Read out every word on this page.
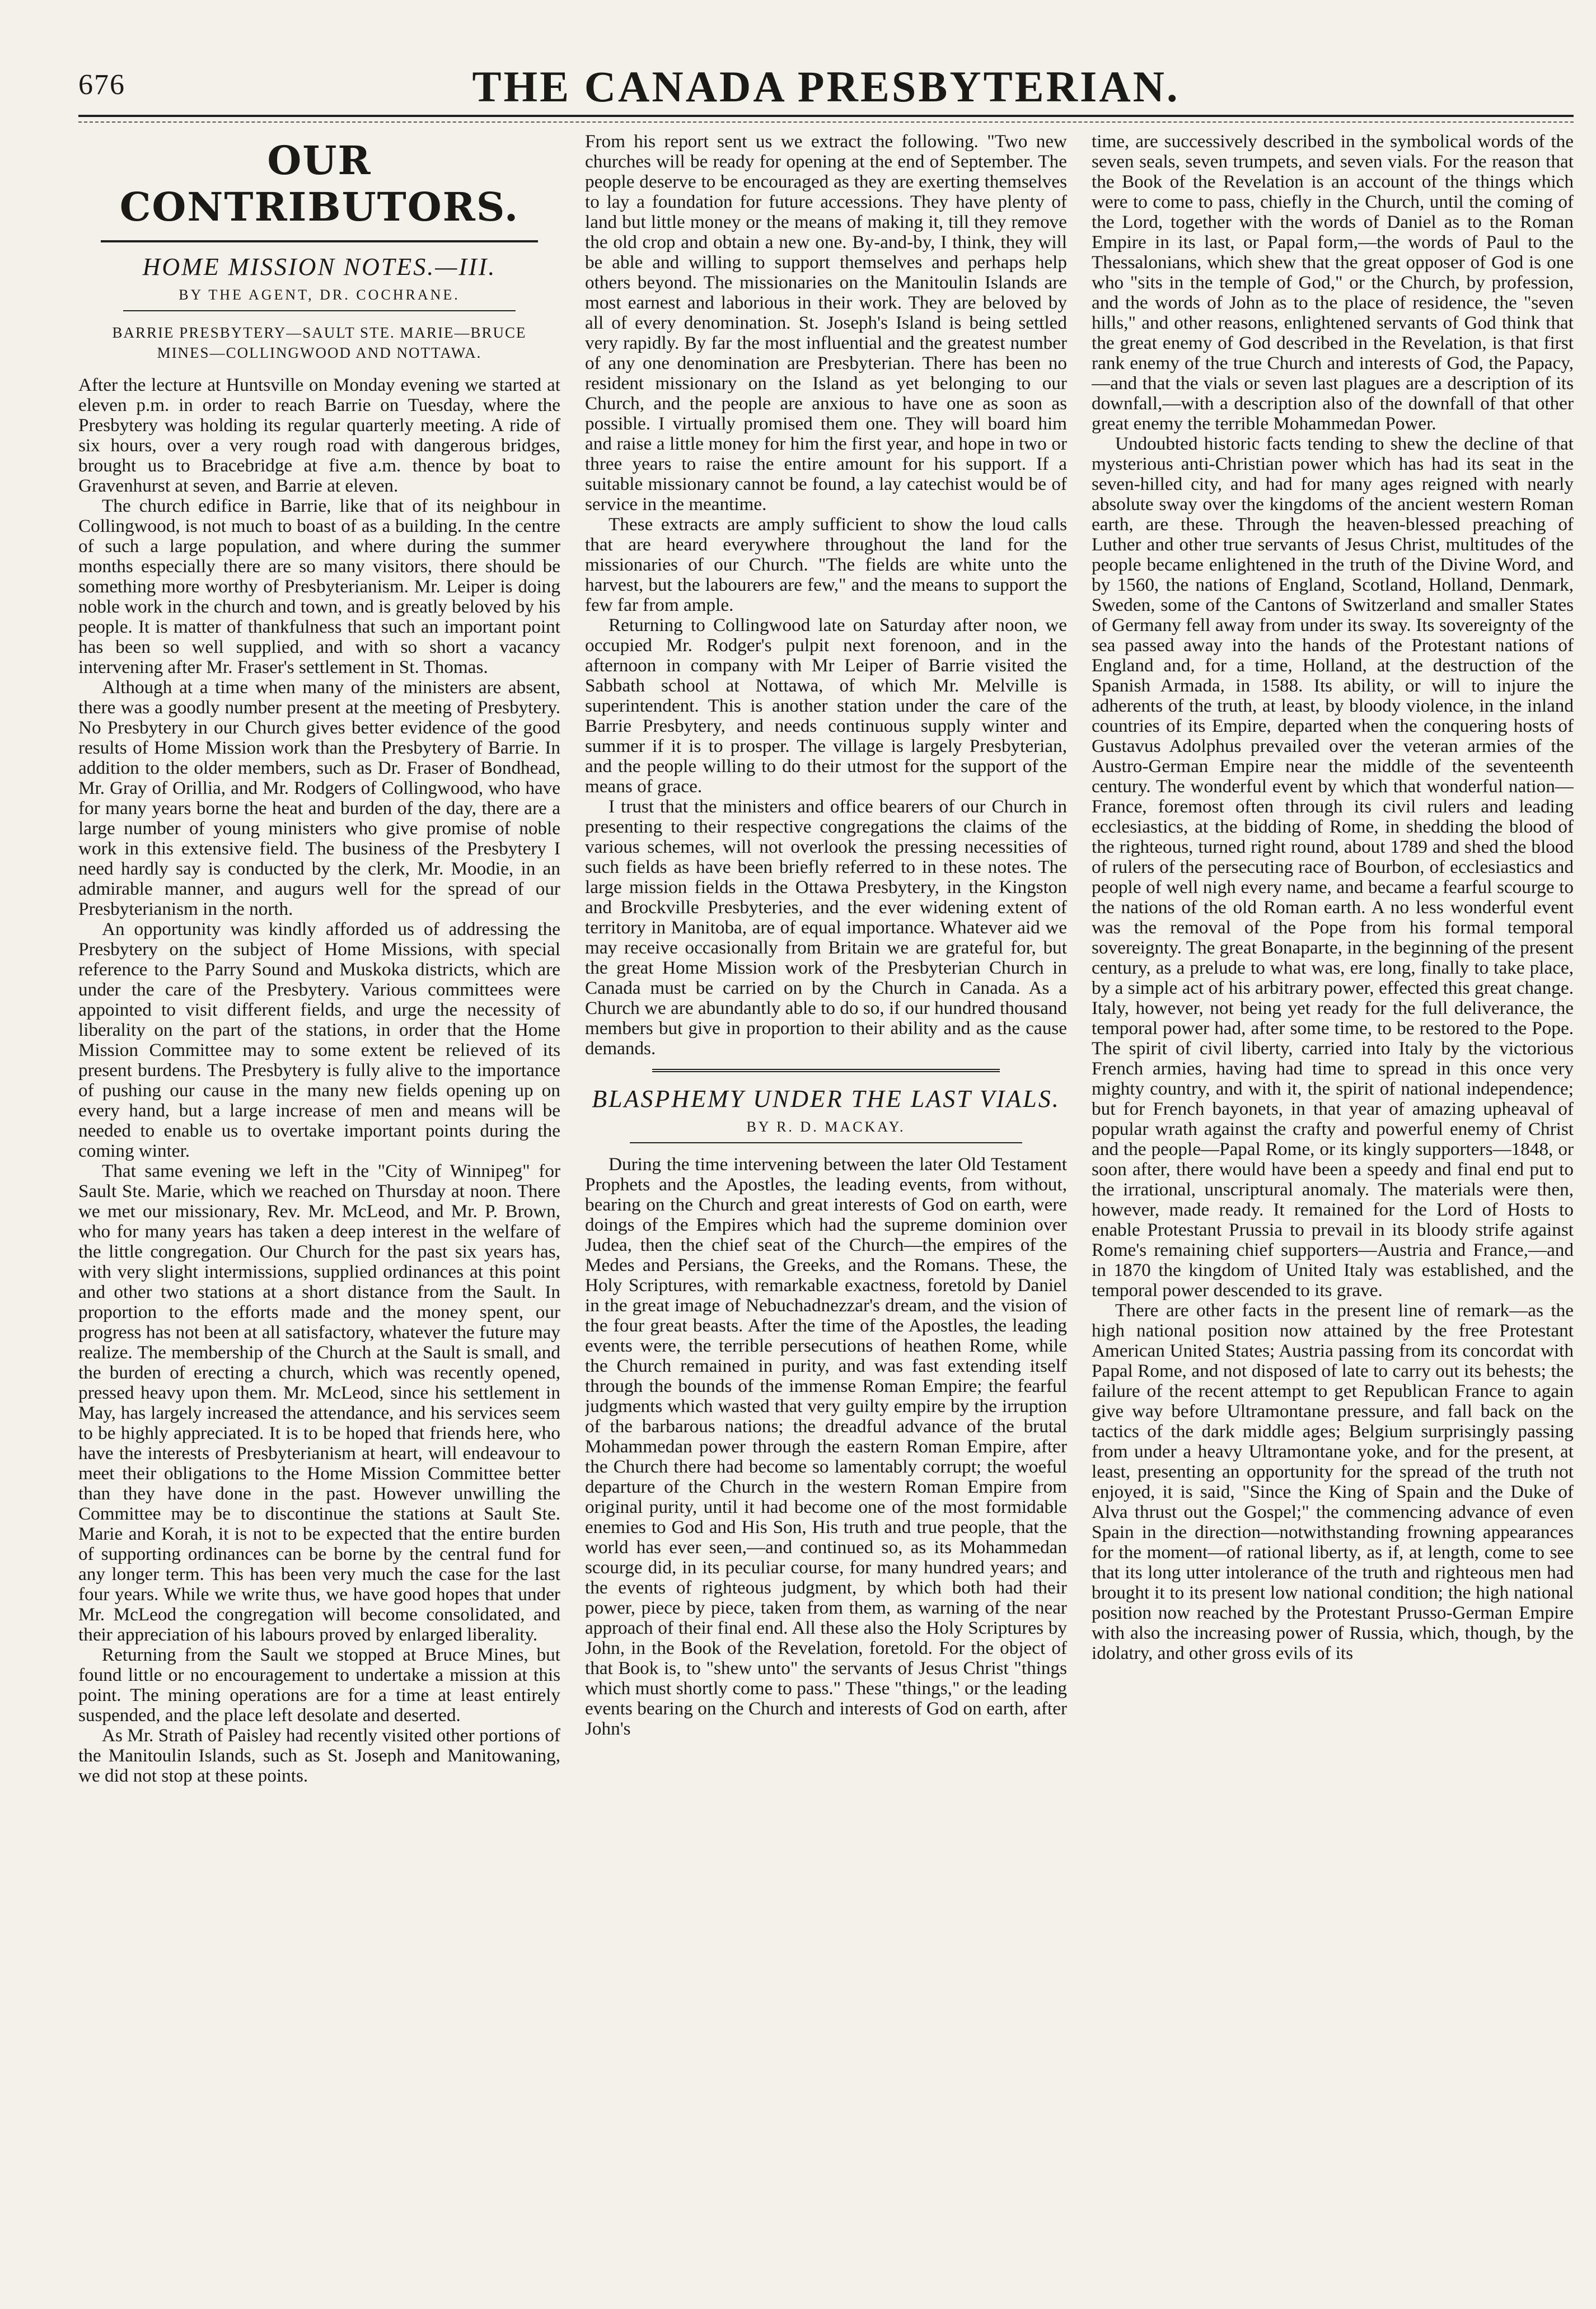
676	THE CANADA PRESBYTERIAN.
OUR CONTRIBUTORS.
HOME MISSION NOTES.—III.
BY THE AGENT, DR. COCHRANE.
BARRIE PRESBYTERY—SAULT STE. MARIE—BRUCE MINES—COLLINGWOOD AND NOTTAWA.

After the lecture at Huntsville on Monday evening we started at eleven p.m. in order to reach Barrie on Tuesday, where the Presbytery was holding its regular quarterly meeting. A ride of six hours, over a very rough road with dangerous bridges, brought us to Bracebridge at five a.m. thence by boat to Gravenhurst at seven, and Barrie at eleven.

The church edifice in Barrie, like that of its neighbour in Collingwood, is not much to boast of as a building. In the centre of such a large population, and where during the summer months especially there are so many visitors, there should be something more worthy of Presbyterianism. Mr. Leiper is doing noble work in the church and town, and is greatly beloved by his people. It is matter of thankfulness that such an important point has been so well supplied, and with so short a vacancy intervening after Mr. Fraser's settlement in St. Thomas.

Although at a time when many of the ministers are absent, there was a goodly number present at the meeting of Presbytery. No Presbytery in our Church gives better evidence of the good results of Home Mission work than the Presbytery of Barrie. In addition to the older members, such as Dr. Fraser of Bondhead, Mr. Gray of Orillia, and Mr. Rodgers of Collingwood, who have for many years borne the heat and burden of the day, there are a large number of young ministers who give promise of noble work in this extensive field. The business of the Presbytery I need hardly say is conducted by the clerk, Mr. Moodie, in an admirable manner, and augurs well for the spread of our Presbyterianism in the north.

An opportunity was kindly afforded us of addressing the Presbytery on the subject of Home Missions, with special reference to the Parry Sound and Muskoka districts, which are under the care of the Presbytery. Various committees were appointed to visit different fields, and urge the necessity of liberality on the part of the stations, in order that the Home Mission Committee may to some extent be relieved of its present burdens. The Presbytery is fully alive to the importance of pushing our cause in the many new fields opening up on every hand, but a large increase of men and means will be needed to enable us to overtake important points during the coming winter.

That same evening we left in the "City of Winnipeg" for Sault Ste. Marie, which we reached on Thursday at noon. There we met our missionary, Rev. Mr. McLeod, and Mr. P. Brown, who for many years has taken a deep interest in the welfare of the little congregation. Our Church for the past six years has, with very slight intermissions, supplied ordinances at this point and other two stations at a short distance from the Sault. In proportion to the efforts made and the money spent, our progress has not been at all satisfactory, whatever the future may realize. The membership of the Church at the Sault is small, and the burden of erecting a church, which was recently opened, pressed heavy upon them. Mr. McLeod, since his settlement in May, has largely increased the attendance, and his services seem to be highly appreciated. It is to be hoped that friends here, who have the interests of Presbyterianism at heart, will endeavour to meet their obligations to the Home Mission Committee better than they have done in the past. However unwilling the Committee may be to discontinue the stations at Sault Ste. Marie and Korah, it is not to be expected that the entire burden of supporting ordinances can be borne by the central fund for any longer term. This has been very much the case for the last four years. While we write thus, we have good hopes that under Mr. McLeod the congregation will become consolidated, and their appreciation of his labours proved by enlarged liberality.

Returning from the Sault we stopped at Bruce Mines, but found little or no encouragement to undertake a mission at this point. The mining operations are for a time at least entirely suspended, and the place left desolate and deserted.

As Mr. Strath of Paisley had recently visited other portions of the Manitoulin Islands, such as St. Joseph and Manitowaning, we did not stop at these points.

From his report sent us we extract the following. "Two new churches will be ready for opening at the end of September. The people deserve to be encouraged as they are exerting themselves to lay a foundation for future accessions. They have plenty of land but little money or the means of making it, till they remove the old crop and obtain a new one. By-and-by, I think, they will be able and willing to support themselves and perhaps help others beyond. The missionaries on the Manitoulin Islands are most earnest and laborious in their work. They are beloved by all of every denomination. St. Joseph's Island is being settled very rapidly. By far the most influential and the greatest number of any one denomination are Presbyterian. There has been no resident missionary on the Island as yet belonging to our Church, and the people are anxious to have one as soon as possible. I virtually promised them one. They will board him and raise a little money for him the first year, and hope in two or three years to raise the entire amount for his support. If a suitable missionary cannot be found, a lay catechist would be of service in the meantime.

These extracts are amply sufficient to show the loud calls that are heard everywhere throughout the land for the missionaries of our Church. "The fields are white unto the harvest, but the labourers are few," and the means to support the few far from ample.

Returning to Collingwood late on Saturday after noon, we occupied Mr. Rodger's pulpit next forenoon, and in the afternoon in company with Mr Leiper of Barrie visited the Sabbath school at Nottawa, of which Mr. Melville is superintendent. This is another station under the care of the Barrie Presbytery, and needs continuous supply winter and summer if it is to prosper. The village is largely Presbyterian, and the people willing to do their utmost for the support of the means of grace.

I trust that the ministers and office bearers of our Church in presenting to their respective congregations the claims of the various schemes, will not overlook the pressing necessities of such fields as have been briefly referred to in these notes. The large mission fields in the Ottawa Presbytery, in the Kingston and Brockville Presbyteries, and the ever widening extent of territory in Manitoba, are of equal importance. Whatever aid we may receive occasionally from Britain we are grateful for, but the great Home Mission work of the Presbyterian Church in Canada must be carried on by the Church in Canada. As a Church we are abundantly able to do so, if our hundred thousand members but give in proportion to their ability and as the cause demands.

BLASPHEMY UNDER THE LAST VIALS.
BY R. D. MACKAY.

During the time intervening between the later Old Testament Prophets and the Apostles, the leading events, from without, bearing on the Church and great interests of God on earth, were doings of the Empires which had the supreme dominion over Judea, then the chief seat of the Church—the empires of the Medes and Persians, the Greeks, and the Romans. These, the Holy Scriptures, with remarkable exactness, foretold by Daniel in the great image of Nebuchadnezzar's dream, and the vision of the four great beasts. After the time of the Apostles, the leading events were, the terrible persecutions of heathen Rome, while the Church remained in purity, and was fast extending itself through the bounds of the immense Roman Empire; the fearful judgments which wasted that very guilty empire by the irruption of the barbarous nations; the dreadful advance of the brutal Mohammedan power through the eastern Roman Empire, after the Church there had become so lamentably corrupt; the woeful departure of the Church in the western Roman Empire from original purity, until it had become one of the most formidable enemies to God and His Son, His truth and true people, that the world has ever seen,—and continued so, as its Mohammedan scourge did, in its peculiar course, for many hundred years; and the events of righteous judgment, by which both had their power, piece by piece, taken from them, as warning of the near approach of their final end. All these also the Holy Scriptures by John, in the Book of the Revelation, foretold. For the object of that Book is, to "shew unto" the servants of Jesus Christ "things which must shortly come to pass." These "things," or the leading events bearing on the Church and interests of God on earth, after John's

time, are successively described in the symbolical words of the seven seals, seven trumpets, and seven vials. For the reason that the Book of the Revelation is an account of the things which were to come to pass, chiefly in the Church, until the coming of the Lord, together with the words of Daniel as to the Roman Empire in its last, or Papal form,—the words of Paul to the Thessalonians, which shew that the great opposer of God is one who "sits in the temple of God," or the Church, by profession, and the words of John as to the place of residence, the "seven hills," and other reasons, enlightened servants of God think that the great enemy of God described in the Revelation, is that first rank enemy of the true Church and interests of God, the Papacy,—and that the vials or seven last plagues are a description of its downfall,—with a description also of the downfall of that other great enemy the terrible Mohammedan Power.

Undoubted historic facts tending to shew the decline of that mysterious anti-Christian power which has had its seat in the seven-hilled city, and had for many ages reigned with nearly absolute sway over the kingdoms of the ancient western Roman earth, are these. Through the heaven-blessed preaching of Luther and other true servants of Jesus Christ, multitudes of the people became enlightened in the truth of the Divine Word, and by 1560, the nations of England, Scotland, Holland, Denmark, Sweden, some of the Cantons of Switzerland and smaller States of Germany fell away from under its sway. Its sovereignty of the sea passed away into the hands of the Protestant nations of England and, for a time, Holland, at the destruction of the Spanish Armada, in 1588. Its ability, or will to injure the adherents of the truth, at least, by bloody violence, in the inland countries of its Empire, departed when the conquering hosts of Gustavus Adolphus prevailed over the veteran armies of the Austro-German Empire near the middle of the seventeenth century. The wonderful event by which that wonderful nation—France, foremost often through its civil rulers and leading ecclesiastics, at the bidding of Rome, in shedding the blood of the righteous, turned right round, about 1789 and shed the blood of rulers of the persecuting race of Bourbon, of ecclesiastics and people of well nigh every name, and became a fearful scourge to the nations of the old Roman earth. A no less wonderful event was the removal of the Pope from his formal temporal sovereignty. The great Bonaparte, in the beginning of the present century, as a prelude to what was, ere long, finally to take place, by a simple act of his arbitrary power, effected this great change. Italy, however, not being yet ready for the full deliverance, the temporal power had, after some time, to be restored to the Pope. The spirit of civil liberty, carried into Italy by the victorious French armies, having had time to spread in this once very mighty country, and with it, the spirit of national independence; but for French bayonets, in that year of amazing upheaval of popular wrath against the crafty and powerful enemy of Christ and the people—Papal Rome, or its kingly supporters—1848, or soon after, there would have been a speedy and final end put to the irrational, unscriptural anomaly. The materials were then, however, made ready. It remained for the Lord of Hosts to enable Protestant Prussia to prevail in its bloody strife against Rome's remaining chief supporters—Austria and France,—and in 1870 the kingdom of United Italy was established, and the temporal power descended to its grave.

There are other facts in the present line of remark—as the high national position now attained by the free Protestant American United States; Austria passing from its concordat with Papal Rome, and not disposed of late to carry out its behests; the failure of the recent attempt to get Republican France to again give way before Ultramontane pressure, and fall back on the tactics of the dark middle ages; Belgium surprisingly passing from under a heavy Ultramontane yoke, and for the present, at least, presenting an opportunity for the spread of the truth not enjoyed, it is said, "Since the King of Spain and the Duke of Alva thrust out the Gospel;" the commencing advance of even Spain in the direction—notwithstanding frowning appearances for the moment—of rational liberty, as if, at length, come to see that its long utter intolerance of the truth and righteous men had brought it to its present low national condition; the high national position now reached by the Protestant Prusso-German Empire with also the increasing power of Russia, which, though, by the idolatry, and other gross evils of its
